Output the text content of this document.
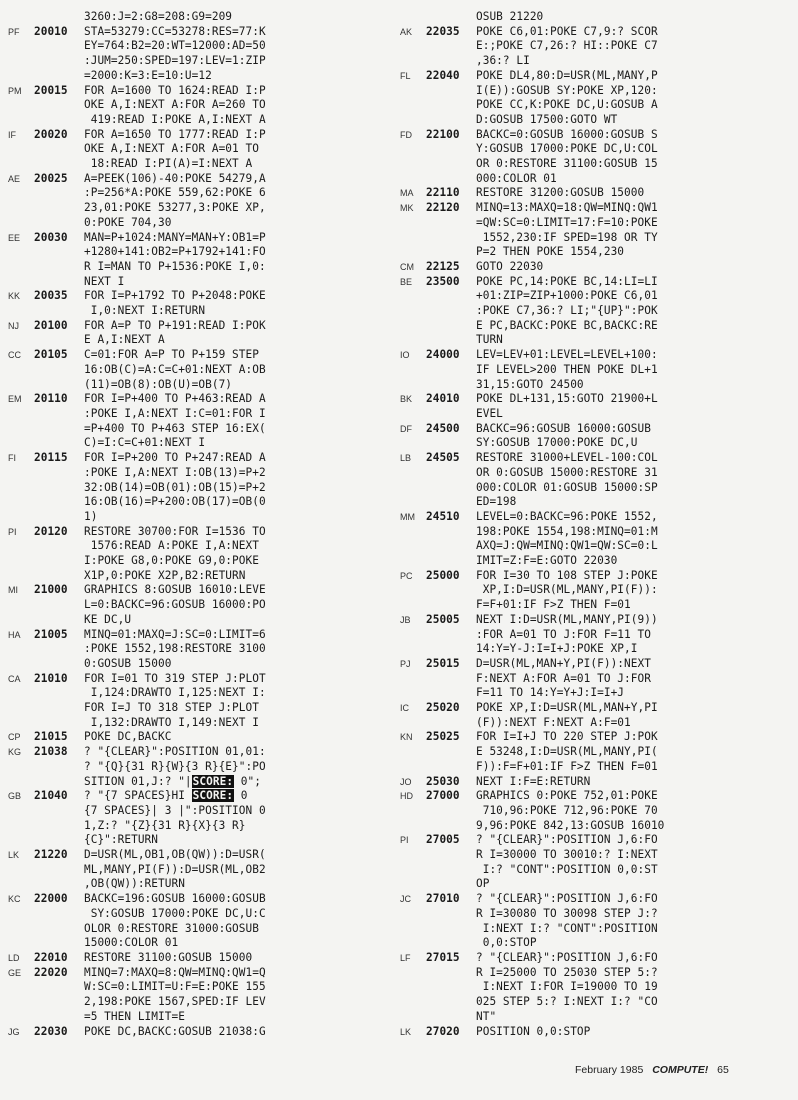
3260:J=2:G8=208:G9=209
PF	20010	STA=53279:CC=53278:RES=77:K
EY=764:B2=20:WT=12000:AD=50
:JUM=250:SPED=197:LEV=1:ZIP
=2000:K=3:E=10:U=12
PM	20015	FOR A=1600 TO 1624:READ I:P
OKE A,I:NEXT A:FOR A=260 TO
419:READ I:POKE A,I:NEXT A
IF	20020	FOR A=1650 TO 1777:READ I:P
OKE A,I:NEXT A:FOR A=01 TO
18:READ I:PI(A)=I:NEXT A
AE	20025	A=PEEK(106)-40:POKE 54279,A
:P=256*A:POKE 559,62:POKE 6
23,01:POKE 53277,3:POKE XP,
0:POKE 704,30
EE	20030	MAN=P+1024:MANY=MAN+Y:OB1=P
+1280+141:OB2=P+1792+141:FO
R I=MAN TO P+1536:POKE I,0:
NEXT I
KK	20035	FOR I=P+1792 TO P+2048:POKE
I,0:NEXT I:RETURN
NJ	20100	FOR A=P TO P+191:READ I:POK
E A,I:NEXT A
CC	20105	C=01:FOR A=P TO P+159 STEP
16:OB(C)=A:C=C+01:NEXT A:OB
(11)=OB(8):OB(U)=OB(7)
EM	20110	FOR I=P+400 TO P+463:READ A
:POKE I,A:NEXT I:C=01:FOR I
=P+400 TO P+463 STEP 16:EX(
C)=I:C=C+01:NEXT I
FI	20115	FOR I=P+200 TO P+247:READ A
:POKE I,A:NEXT I:OB(13)=P+2
32:OB(14)=OB(01):OB(15)=P+2
16:OB(16)=P+200:OB(17)=OB(0
1)
PI	20120	RESTORE 30700:FOR I=1536 TO
1576:READ A:POKE I,A:NEXT
I:POKE G8,0:POKE G9,0:POKE
X1P,0:POKE X2P,B2:RETURN
MI	21000	GRAPHICS 8:GOSUB 16010:LEVE
L=0:BACKC=96:GOSUB 16000:PO
KE DC,U
HA	21005	MINQ=01:MAXQ=J:SC=0:LIMIT=6
:POKE 1552,198:RESTORE 3100
0:GOSUB 15000
CA	21010	FOR I=01 TO 319 STEP J:PLOT
I,124:DRAWTO I,125:NEXT I:
FOR I=J TO 318 STEP J:PLOT
I,132:DRAWTO I,149:NEXT I
CP	21015	POKE DC,BACKC
KG	21038	? "{CLEAR}":POSITION 01,01:
? "{Q}{31 R}{W}{3 R}{E}":PO
SITION 01,J:? "|SCORE: 0";
GB	21040	? "{7 SPACES}HI SCORE: 0
{7 SPACES}| 3 |":POSITION 0
1,Z:? "{Z}{31 R}{X}{3 R}
{C}":RETURN
LK	21220	D=USR(ML,OB1,OB(QW)):D=USR(
ML,MANY,PI(F)):D=USR(ML,OB2
,OB(QW)):RETURN
KC	22000	BACKC=196:GOSUB 16000:GOSUB
SY:GOSUB 17000:POKE DC,U:C
OLOR 0:RESTORE 31000:GOSUB
15000:COLOR 01
LD	22010	RESTORE 31100:GOSUB 15000
GE	22020	MINQ=7:MAXQ=8:QW=MINQ:QW1=Q
W:SC=0:LIMIT=U:F=E:POKE 155
2,198:POKE 1567,SPED:IF LEV
=5 THEN LIMIT=E
JG	22030	POKE DC,BACKC:GOSUB 21038:G
OSUB 21220
AK	22035	POKE C6,01:POKE C7,9:? SCOR
E:;POKE C7,26:? HI::POKE C7
,36:? LI
FL	22040	POKE DL4,80:D=USR(ML,MANY,P
I(E)):GOSUB SY:POKE XP,120:
POKE CC,K:POKE DC,U:GOSUB A
D:GOSUB 17500:GOTO WT
FD	22100	BACKC=0:GOSUB 16000:GOSUB S
Y:GOSUB 17000:POKE DC,U:COL
OR 0:RESTORE 31100:GOSUB 15
000:COLOR 01
MA	22110	RESTORE 31200:GOSUB 15000
MK	22120	MINQ=13:MAXQ=18:QW=MINQ:QW1
=QW:SC=0:LIMIT=17:F=10:POKE
1552,230:IF SPED=198 OR TY
P=2 THEN POKE 1554,230
CM	22125	GOTO 22030
BE	23500	POKE PC,14:POKE BC,14:LI=LI
+01:ZIP=ZIP+1000:POKE C6,01
:POKE C7,36:? LI;"{UP}":POK
E PC,BACKC:POKE BC,BACKC:RE
TURN
IO	24000	LEV=LEV+01:LEVEL=LEVEL+100:
IF LEVEL>200 THEN POKE DL+1
31,15:GOTO 24500
BK	24010	POKE DL+131,15:GOTO 21900+L
EVEL
DF	24500	BACKC=96:GOSUB 16000:GOSUB
SY:GOSUB 17000:POKE DC,U
LB	24505	RESTORE 31000+LEVEL-100:COL
OR 0:GOSUB 15000:RESTORE 31
000:COLOR 01:GOSUB 15000:SP
ED=198
MM 24510	LEVEL=0:BACKC=96:POKE 1552,
198:POKE 1554,198:MINQ=01:M
AXQ=J:QW=MINQ:QW1=QW:SC=0:L
IMIT=Z:F=E:GOTO 22030
PC	25000	FOR I=30 TO 108 STEP J:POKE
XP,I:D=USR(ML,MANY,PI(F)):
F=F+01:IF F>Z THEN F=01
JB	25005	NEXT I:D=USR(ML,MANY,PI(9))
:FOR A=01 TO J:FOR F=11 TO
14:Y=Y-J:I=I+J:POKE XP,I
PJ	25015	D=USR(ML,MAN+Y,PI(F)):NEXT
F:NEXT A:FOR A=01 TO J:FOR
F=11 TO 14:Y=Y+J:I=I+J
IC	25020	POKE XP,I:D=USR(ML,MAN+Y,PI
(F)):NEXT F:NEXT A:F=01
KN	25025	FOR I=I+J TO 220 STEP J:POK
E 53248,I:D=USR(ML,MANY,PI(
F)):F=F+01:IF F>Z THEN F=01
JO	25030	NEXT I:F=E:RETURN
HD	27000	GRAPHICS 0:POKE 752,01:POKE
710,96:POKE 712,96:POKE 70
9,96:POKE 842,13:GOSUB 16010
PI	27005	? "{CLEAR}":POSITION J,6:FO
R I=30000 TO 30010:? I:NEXT
I:? "CONT":POSITION 0,0:ST
OP
JC	27010	? "{CLEAR}":POSITION J,6:FO
R I=30080 TO 30098 STEP J:?
I:NEXT I:? "CONT":POSITION
0,0:STOP
LF	27015	? "{CLEAR}":POSITION J,6:FO
R I=25000 TO 25030 STEP 5:?
I:NEXT I:FOR I=19000 TO 19
025 STEP 5:? I:NEXT I:? "CO
NT"
LK	27020	POSITION 0,0:STOP
February 1985 COMPUTE! 65
